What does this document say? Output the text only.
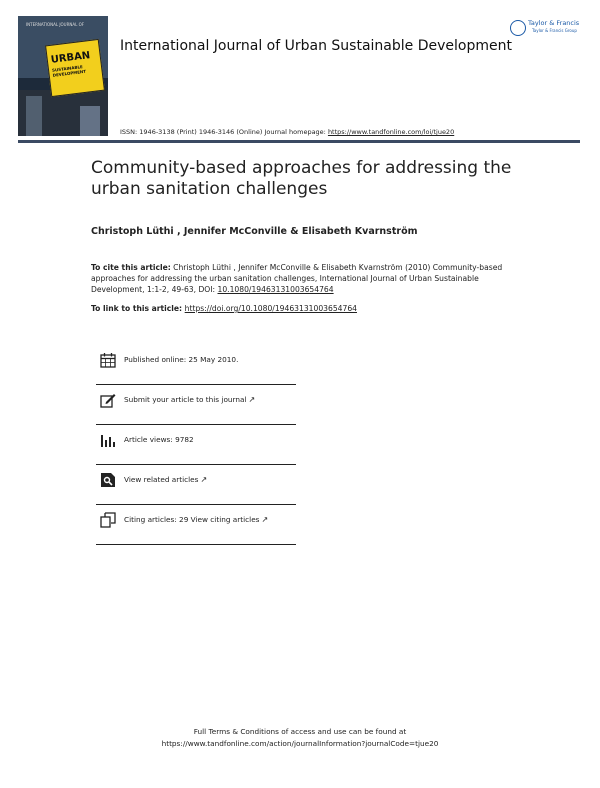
INTERNATIONAL JOURNAL OF
URBAN
SUSTAINABLE DEVELOPMENT
International Journal of Urban Sustainable Development
Taylor & Francis
Taylor & Francis Group
ISSN: 1946-3138 (Print) 1946-3146 (Online) Journal homepage: https://www.tandfonline.com/loi/tjue20
Community-based approaches for addressing the urban sanitation challenges
Christoph Lüthi , Jennifer McConville & Elisabeth Kvarnström
To cite this article: Christoph Lüthi , Jennifer McConville & Elisabeth Kvarnström (2010) Community-based approaches for addressing the urban sanitation challenges, International Journal of Urban Sustainable Development, 1:1-2, 49-63, DOI: 10.1080/19463131003654764
To link to this article: https://doi.org/10.1080/19463131003654764
Published online: 25 May 2010.
Submit your article to this journal ↗
Article views: 9782
View related articles ↗
Citing articles: 29 View citing articles ↗
Full Terms & Conditions of access and use can be found at
https://www.tandfonline.com/action/journalInformation?journalCode=tjue20
